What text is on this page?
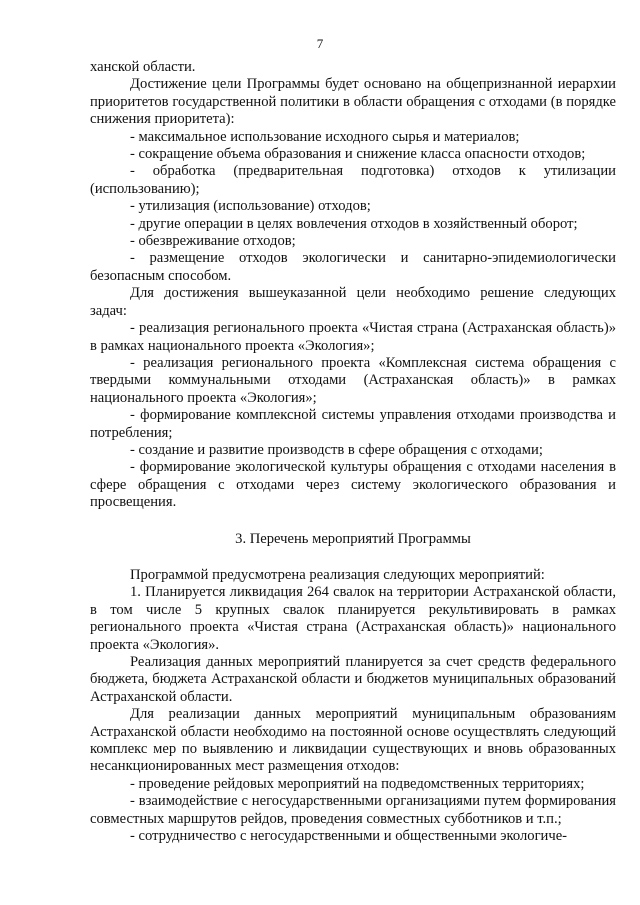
7

ханской области.

Достижение цели Программы будет основано на общепризнанной иерархии приоритетов государственной политики в области обращения с отходами (в порядке снижения приоритета):

- максимальное использование исходного сырья и материалов;

- сокращение объема образования и снижение класса опасности отходов;

- обработка (предварительная подготовка) отходов к утилизации (использованию);

- утилизация (использование) отходов;

- другие операции в целях вовлечения отходов в хозяйственный оборот;

- обезвреживание отходов;

- размещение отходов экологически и санитарно-эпидемиологически безопасным способом.

Для достижения вышеуказанной цели необходимо решение следующих задач:

- реализация регионального проекта «Чистая страна (Астраханская область)» в рамках национального проекта «Экология»;

- реализация регионального проекта «Комплексная система обращения с твердыми коммунальными отходами (Астраханская область)» в рамках национального проекта «Экология»;

- формирование комплексной системы управления отходами производства и потребления;

- создание и развитие производств в сфере обращения с отходами;

- формирование экологической культуры обращения с отходами населения в сфере обращения с отходами через систему экологического образования и просвещения.

3. Перечень мероприятий Программы

Программой предусмотрена реализация следующих мероприятий:

1. Планируется ликвидация 264 свалок на территории Астраханской области, в том числе 5 крупных свалок планируется рекультивировать в рамках регионального проекта «Чистая страна (Астраханская область)» национального проекта «Экология».

Реализация данных мероприятий планируется за счет средств федерального бюджета, бюджета Астраханской области и бюджетов муниципальных образований Астраханской области.

Для реализации данных мероприятий муниципальным образованиям Астраханской области необходимо на постоянной основе осуществлять следующий комплекс мер по выявлению и ликвидации существующих и вновь образованных несанкционированных мест размещения отходов:

- проведение рейдовых мероприятий на подведомственных территориях;

- взаимодействие с негосударственными организациями путем формирования совместных маршрутов рейдов, проведения совместных субботников и т.п.;

- сотрудничество с негосударственными и общественными экологиче-
